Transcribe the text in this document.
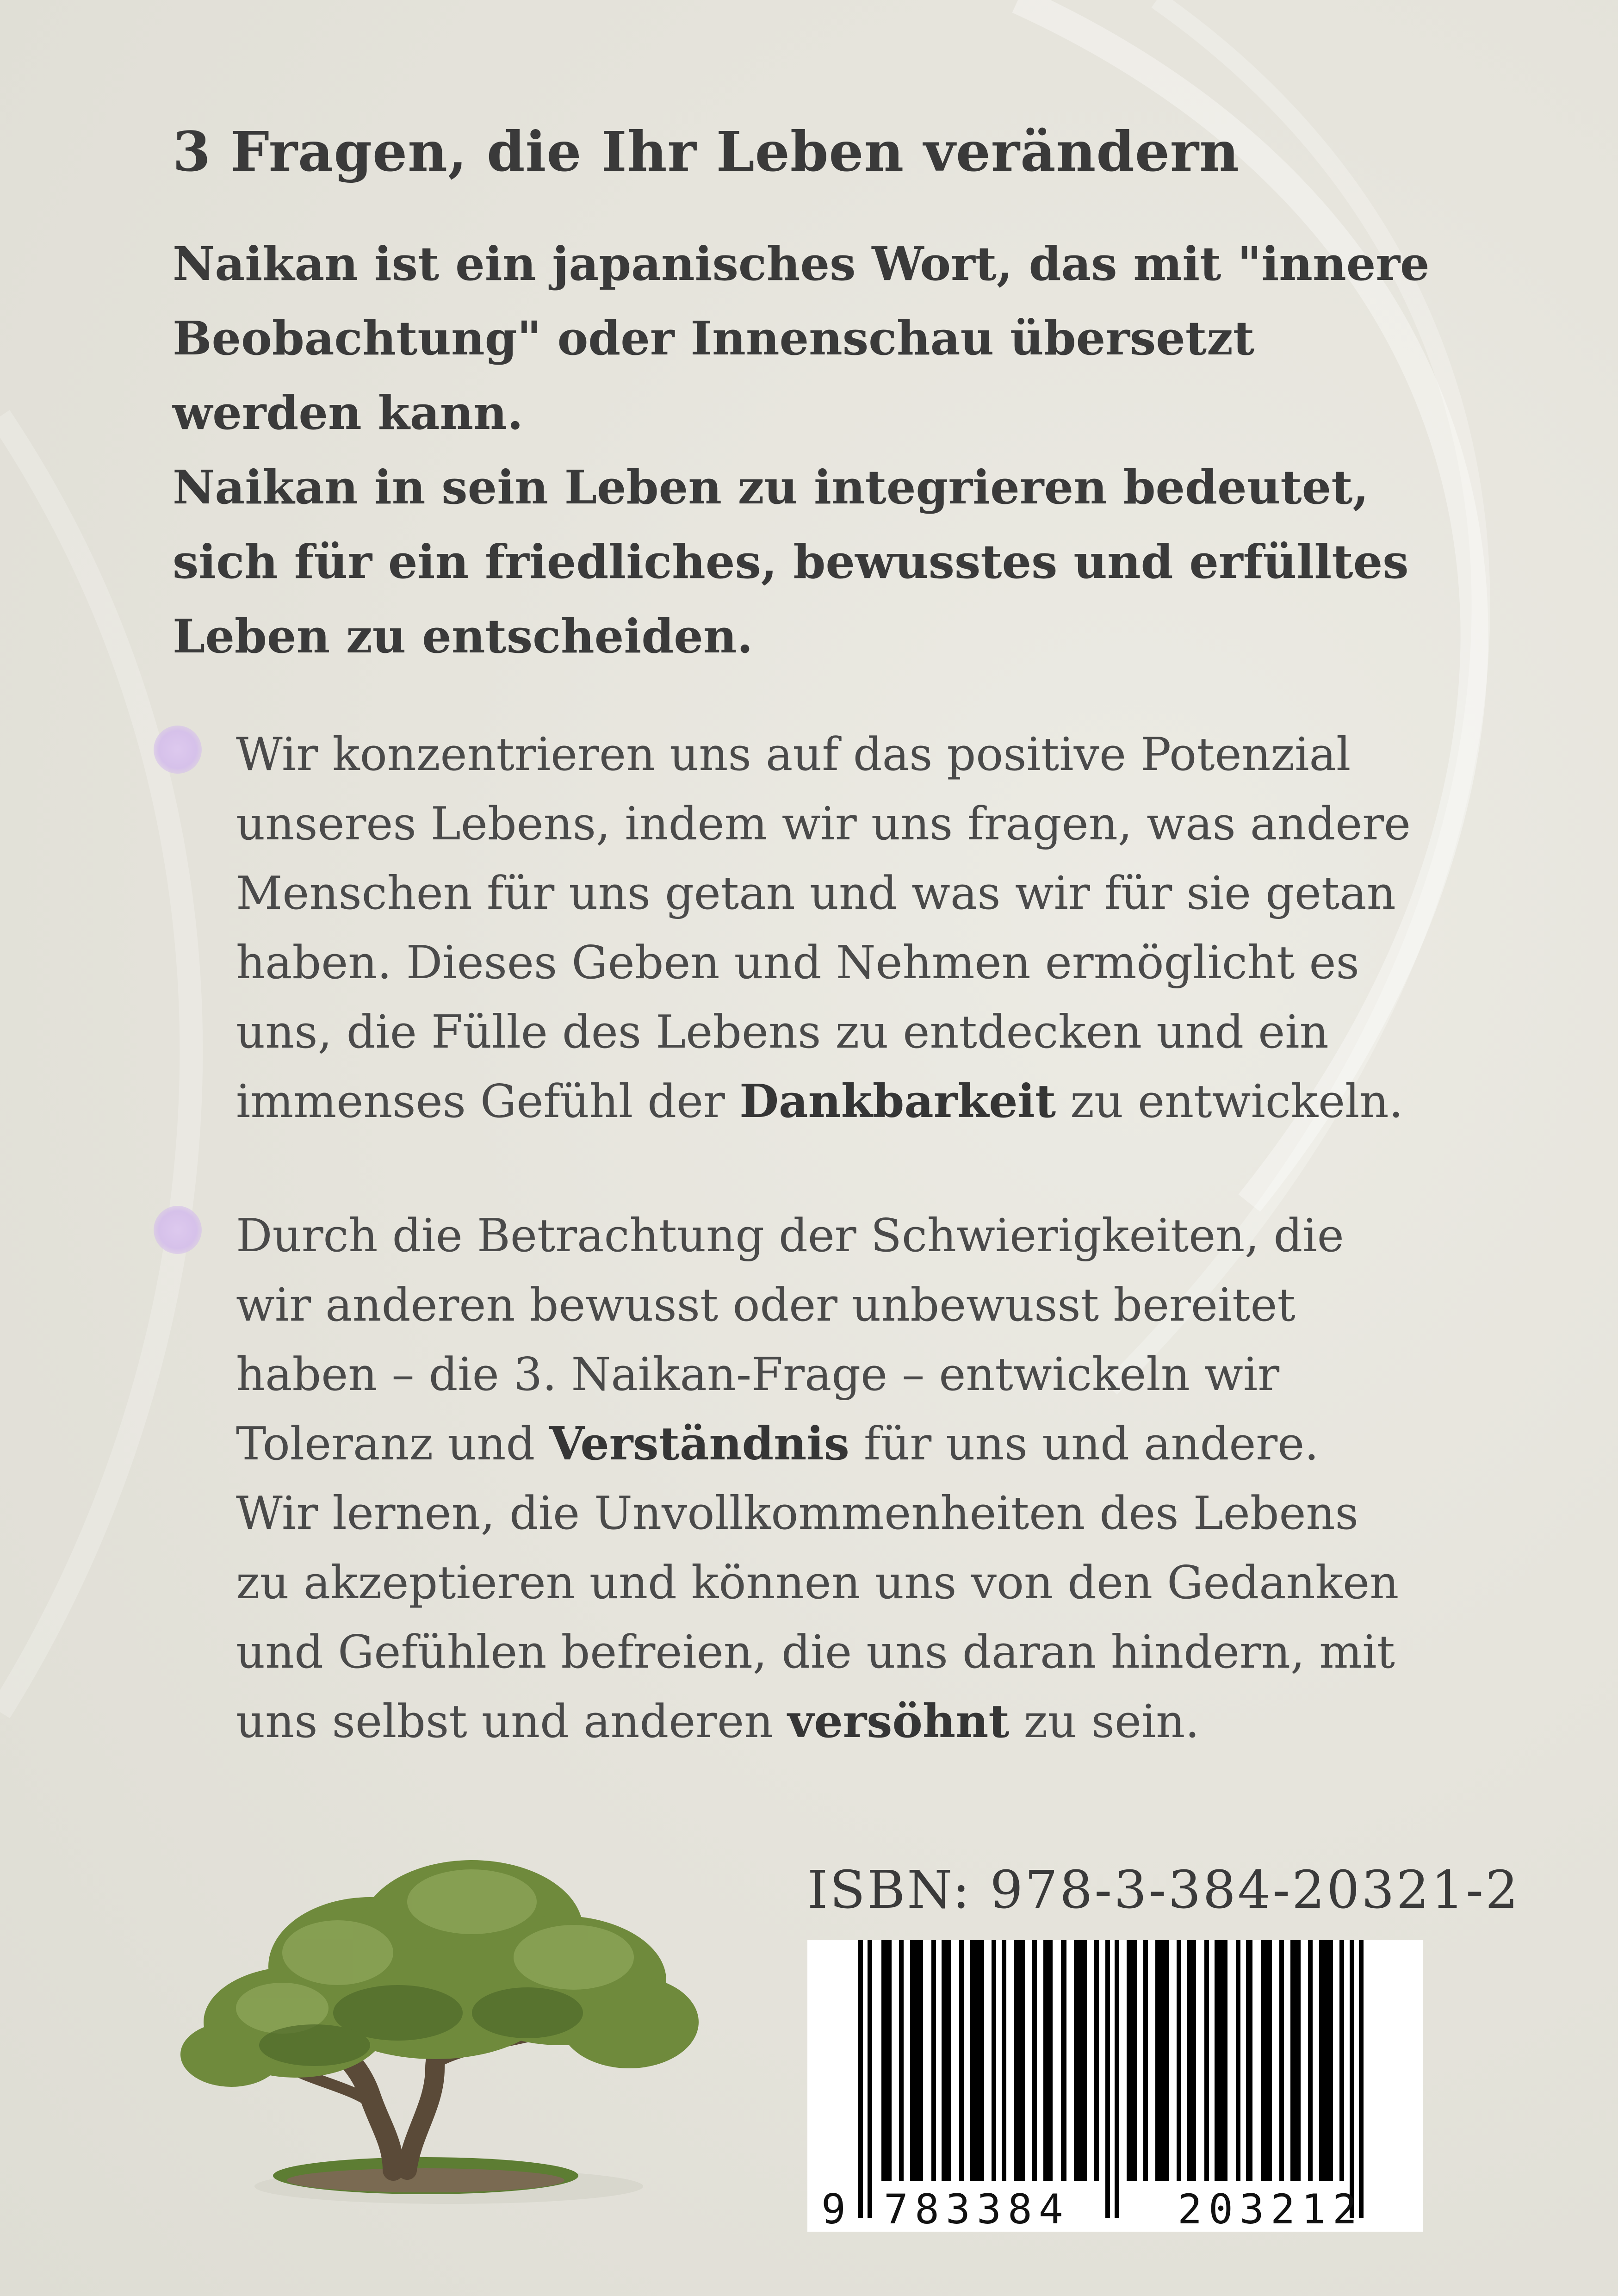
3 Fragen, die Ihr Leben verändern
Naikan ist ein japanisches Wort, das mit "innere
Beobachtung" oder Innenschau übersetzt
werden kann.
Naikan in sein Leben zu integrieren bedeutet,
sich für ein friedliches, bewusstes und erfülltes
Leben zu entscheiden.
Wir konzentrieren uns auf das positive Potenzial
unseres Lebens, indem wir uns fragen, was andere
Menschen für uns getan und was wir für sie getan
haben. Dieses Geben und Nehmen ermöglicht es
uns, die Fülle des Lebens zu entdecken und ein
immenses Gefühl der Dankbarkeit zu entwickeln.
Durch die Betrachtung der Schwierigkeiten, die
wir anderen bewusst oder unbewusst bereitet
haben – die 3. Naikan-Frage – entwickeln wir
Toleranz und Verständnis für uns und andere.
Wir lernen, die Unvollkommenheiten des Lebens
zu akzeptieren und können uns von den Gedanken
und Gefühlen befreien, die uns daran hindern, mit
uns selbst und anderen versöhnt zu sein.
ISBN: 978-3-384-20321-2
9 783384	203212
